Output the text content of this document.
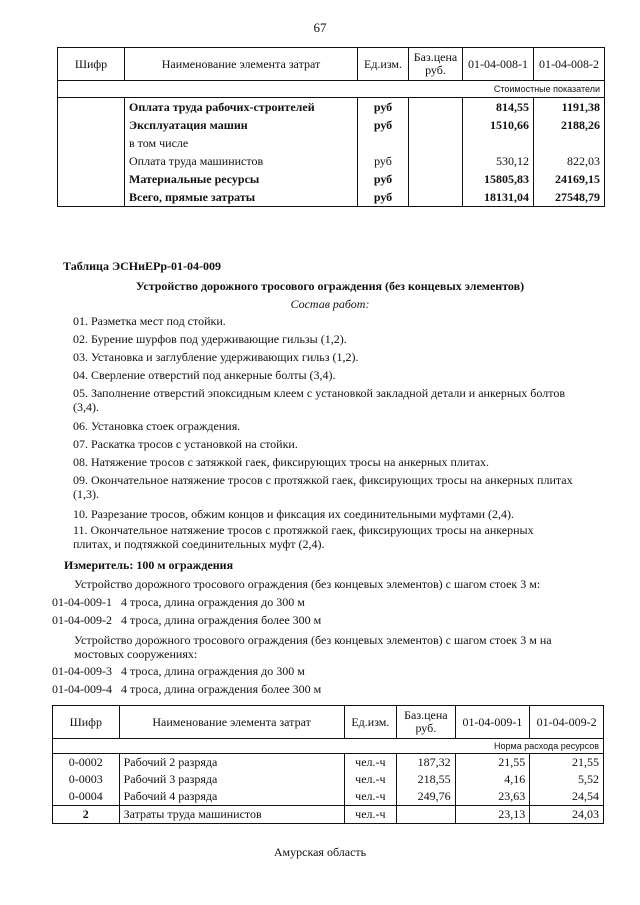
67
Шифр	Наименование элемента затрат	Ед.изм.	Баз.цена руб.	01-04-008-1	01-04-008-2
Стоимостные показатели					
	Оплата труда рабочих-строителей	руб		814,55	1191,38
	Эксплуатация машин	руб		1510,66	2188,26
	в том числе				
	Оплата труда машинистов	руб		530,12	822,03
	Материальные ресурсы	руб		15805,83	24169,15
	Всего, прямые затраты	руб		18131,04	27548,79
Таблица ЭСНиЕРр-01-04-009
Устройство дорожного тросового ограждения (без концевых элементов)
Состав работ:
01. Разметка мест под стойки.
02. Бурение шурфов под удерживающие гильзы (1,2).
03. Установка и заглубление удерживающих гильз (1,2).
04. Сверление отверстий под анкерные болты (3,4).
05. Заполнение отверстий эпоксидным клеем с установкой закладной детали и анкерных болтов (3,4).
06. Установка стоек ограждения.
07. Раскатка тросов с установкой на стойки.
08. Натяжение тросов с затяжкой гаек, фиксирующих тросы на анкерных плитах.
09. Окончательное натяжение тросов с протяжкой гаек, фиксирующих тросы на анкерных плитах (1,3).
10. Разрезание тросов, обжим концов и фиксация их соединительными муфтами (2,4).
11. Окончательное натяжение тросов с протяжкой гаек, фиксирующих тросы на анкерных плитах, и подтяжкой соединительных муфт (2,4).
Измеритель: 100 м ограждения
Устройство дорожного тросового ограждения (без концевых элементов) с шагом стоек 3 м:
01-04-009-1 4 троса, длина ограждения до 300 м
01-04-009-2 4 троса, длина ограждения более 300 м
Устройство дорожного тросового ограждения (без концевых элементов) с шагом стоек 3 м на мостовых сооружениях:
01-04-009-3 4 троса, длина ограждения до 300 м
01-04-009-4 4 троса, длина ограждения более 300 м
Шифр	Наименование элемента затрат	Ед.изм.	Баз.цена руб.	01-04-009-1	01-04-009-2
Норма расхода ресурсов					
0-0002	Рабочий 2 разряда	чел.-ч	187,32	21,55	21,55
0-0003	Рабочий 3 разряда	чел.-ч	218,55	4,16	5,52
0-0004	Рабочий 4 разряда	чел.-ч	249,76	23,63	24,54
2	Затраты труда машинистов	чел.-ч		23,13	24,03
Амурская область
